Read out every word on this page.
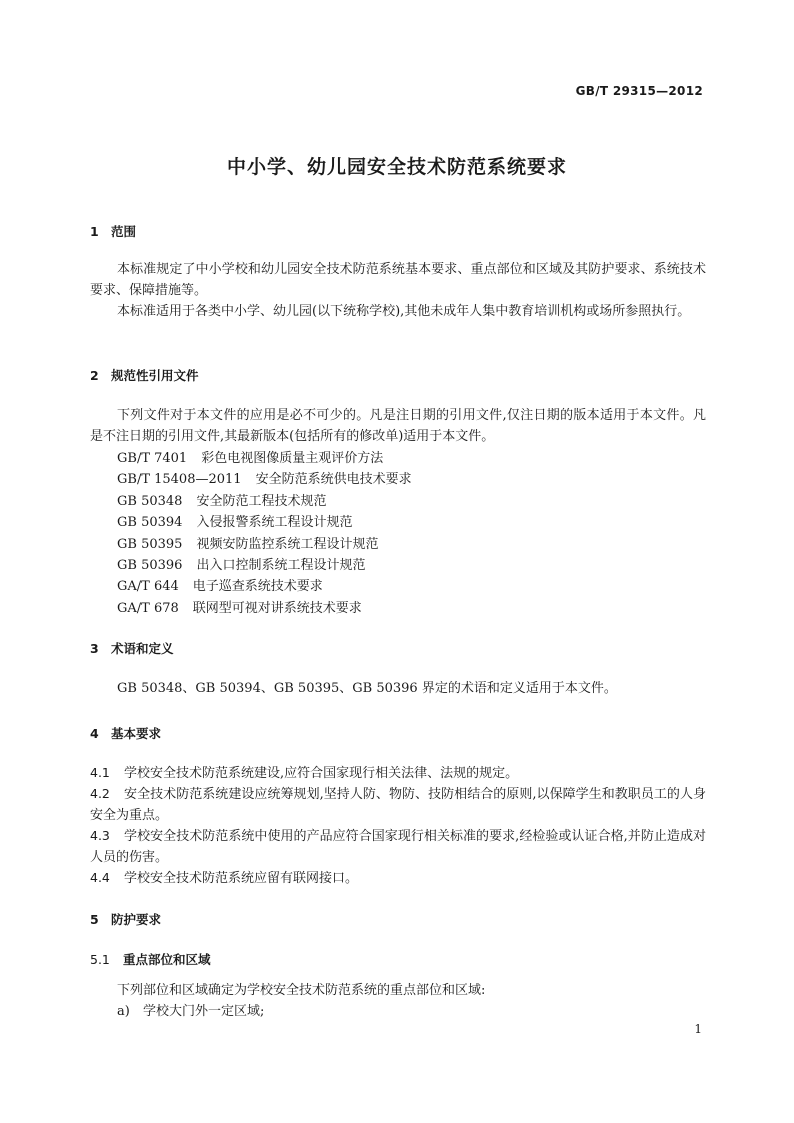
GB/T 29315—2012
中小学、幼儿园安全技术防范系统要求
1 范围

本标准规定了中小学校和幼儿园安全技术防范系统基本要求、重点部位和区域及其防护要求、系统技术要求、保障措施等。

本标准适用于各类中小学、幼儿园(以下统称学校),其他未成年人集中教育培训机构或场所参照执行。

2 规范性引用文件

下列文件对于本文件的应用是必不可少的。凡是注日期的引用文件,仅注日期的版本适用于本文件。凡是不注日期的引用文件,其最新版本(包括所有的修改单)适用于本文件。

GB/T 7401 彩色电视图像质量主观评价方法
GB/T 15408—2011 安全防范系统供电技术要求
GB 50348 安全防范工程技术规范
GB 50394 入侵报警系统工程设计规范
GB 50395 视频安防监控系统工程设计规范
GB 50396 出入口控制系统工程设计规范
GA/T 644 电子巡查系统技术要求
GA/T 678 联网型可视对讲系统技术要求
3 术语和定义

GB 50348、GB 50394、GB 50395、GB 50396 界定的术语和定义适用于本文件。

4 基本要求

4.1 学校安全技术防范系统建设,应符合国家现行相关法律、法规的规定。

4.2 安全技术防范系统建设应统筹规划,坚持人防、物防、技防相结合的原则,以保障学生和教职员工的人身安全为重点。

4.3 学校安全技术防范系统中使用的产品应符合国家现行相关标准的要求,经检验或认证合格,并防止造成对人员的伤害。

4.4 学校安全技术防范系统应留有联网接口。

5 防护要求
5.1 重点部位和区域

下列部位和区域确定为学校安全技术防范系统的重点部位和区域:

a) 学校大门外一定区域;
1
